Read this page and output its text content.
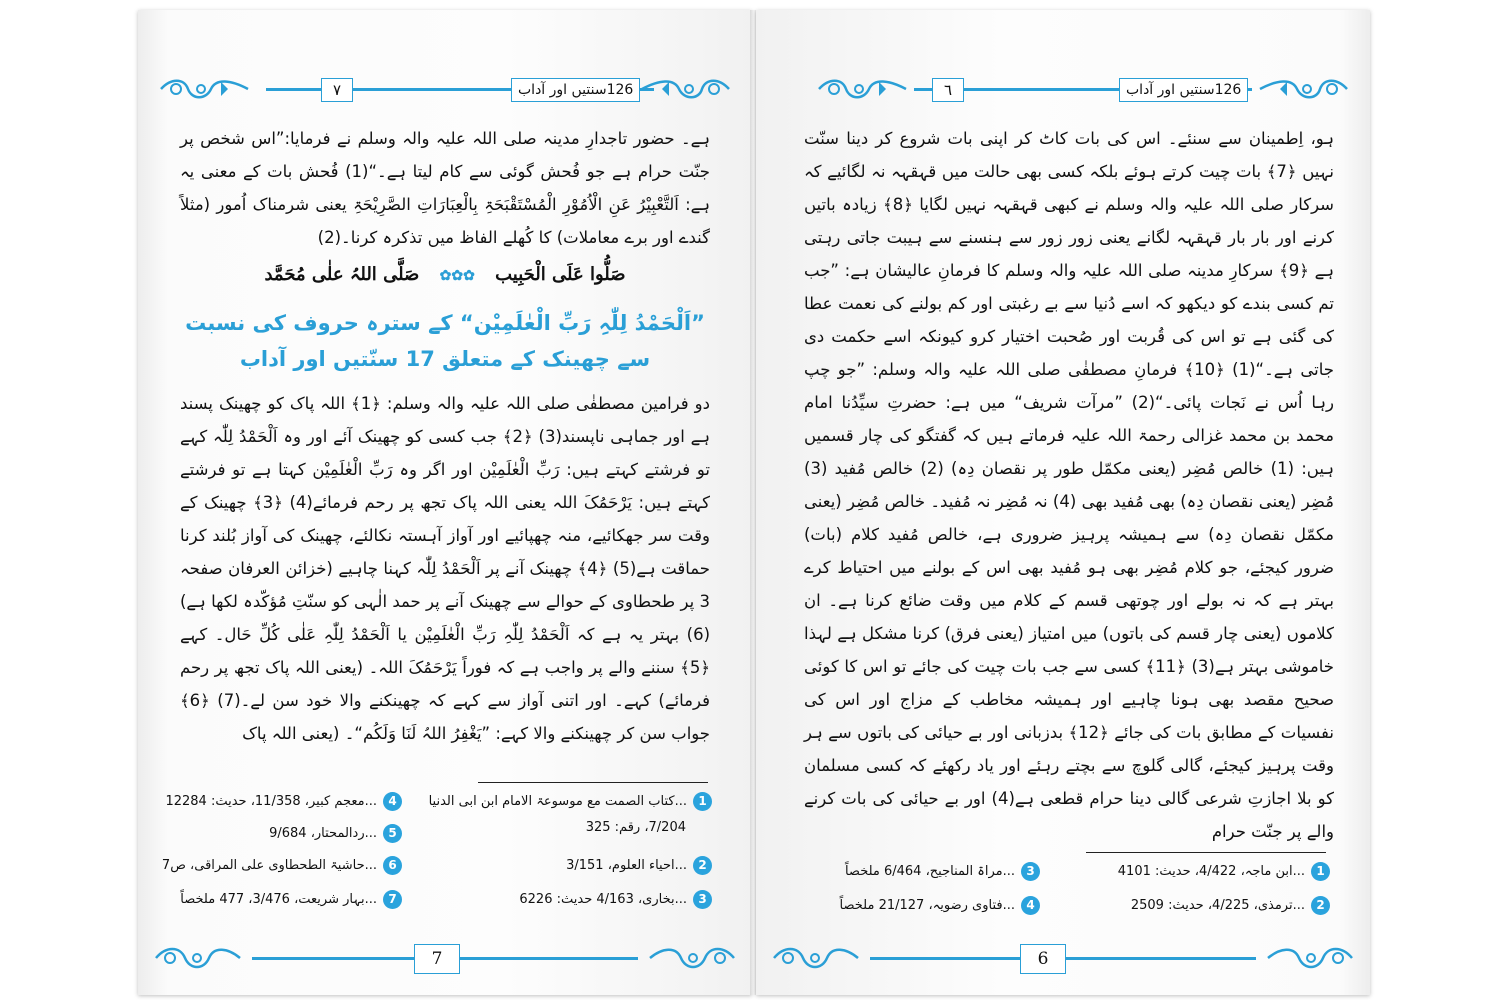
۷	126سنتیں اور آداب

ہے۔ حضور تاجدارِ مدینہ صلی اللہ علیہ والہ وسلم نے فرمایا:”اس شخص پر جنّت حرام ہے جو فُحش گوئی سے کام لیتا ہے۔“(1) فُحش بات کے معنی یہ ہے: اَلتَّعْبِیْرُ عَنِ الْاُمُوْرِ الْمُسْتَقْبَحَۃِ بِالْعِبَارَاتِ الصَّرِیْحَۃِ یعنی شرمناک اُمور (مثلاً گندے اور برے معاملات) کا کُھلے الفاظ میں تذکرہ کرنا۔(2)

صَلُّوا عَلَی الْحَبِیب ✿✿✿ صَلَّی اللہُ علٰی مُحَمَّد
”اَلْحَمْدُ لِلّٰہِ رَبِّ الْعٰلَمِیْن“ کے سترہ حروف کی نسبت
سے چھینک کے متعلق 17 سنّتیں اور آداب

دو فرامین مصطفٰی صلی اللہ علیہ والہ وسلم: ﴿1﴾ اللہ پاک کو چھینک پسند ہے اور جماہی ناپسند(3) ﴿2﴾ جب کسی کو چھینک آئے اور وہ اَلْحَمْدُ لِلّٰہ کہے تو فرشتے کہتے ہیں: رَبِّ الْعٰلَمِیْن اور اگر وہ رَبِّ الْعٰلَمِیْن کہتا ہے تو فرشتے کہتے ہیں: یَرْحَمُکَ اللہ یعنی اللہ پاک تجھ پر رحم فرمائے(4) ﴿3﴾ چھینک کے وقت سر جھکائیے، منہ چھپائیے اور آواز آہستہ نکالئے، چھینک کی آواز بُلند کرنا حماقت ہے(5) ﴿4﴾ چھینک آنے پر اَلْحَمْدُ لِلّٰہ کہنا چاہیے (خزائن العرفان صفحہ 3 پر طحطاوی کے حوالے سے چھینک آنے پر حمد الٰہی کو سنّتِ مُؤکّدہ لکھا ہے)(6) بہتر یہ ہے کہ اَلْحَمْدُ لِلّٰہِ رَبِّ الْعٰلَمِیْن یا اَلْحَمْدُ لِلّٰہِ عَلٰی کُلِّ حَال۔ کہے ﴿5﴾ سننے والے پر واجب ہے کہ فوراً یَرْحَمُکَ اللہ۔ (یعنی اللہ پاک تجھ پر رحم فرمائے) کہے۔ اور اتنی آواز سے کہے کہ چھینکنے والا خود سن لے۔(7) ﴿6﴾ جواب سن کر چھینکنے والا کہے: ”یَغْفِرُ اللہُ لَنَا وَلَکُم“۔ (یعنی اللہ پاک

1
...کتاب الصمت مع موسوعۃ الامام ابن ابی الدنیا
7/204، رقم: 325
2
...احیاء العلوم، 3/151
3
...بخاری، 4/163 حدیث: 6226
4
...معجم کبیر، 11/358، حدیث: 12284
5
...ردالمحتار، 9/684
6
...حاشیۃ الطحطاوی علی المراقی، ص7
7
...بہار شریعت، 3/476، 477 ملخصاً
7
٦	126سنتیں اور آداب

ہو، اِطمینان سے سنئے۔ اس کی بات کاٹ کر اپنی بات شروع کر دینا سنّت نہیں ﴿7﴾ بات چیت کرتے ہوئے بلکہ کسی بھی حالت میں قہقہہ نہ لگائیے کہ سرکار صلی اللہ علیہ والہ وسلم نے کبھی قہقہہ نہیں لگایا ﴿8﴾ زیادہ باتیں کرنے اور بار بار قہقہہ لگانے یعنی زور زور سے ہنسنے سے ہیبت جاتی رہتی ہے ﴿9﴾ سرکارِ مدینہ صلی اللہ علیہ والہ وسلم کا فرمانِ عالیشان ہے: ”جب تم کسی بندے کو دیکھو کہ اسے دُنیا سے بے رغبتی اور کم بولنے کی نعمت عطا کی گئی ہے تو اس کی قُربت اور صُحبت اختیار کرو کیونکہ اسے حکمت دی جاتی ہے۔“(1) ﴿10﴾ فرمانِ مصطفٰی صلی اللہ علیہ والہ وسلم: ”جو چپ رہا اُس نے نَجات پائی۔“(2) ”مرآت شریف“ میں ہے: حضرتِ سیِّدُنا امام محمد بن محمد غزالی رحمۃ اللہ علیہ فرماتے ہیں کہ گفتگو کی چار قسمیں ہیں: (1) خالص مُضِر (یعنی مکمّل طور پر نقصان دِہ) (2) خالص مُفید (3) مُضِر (یعنی نقصان دِہ) بھی مُفید بھی (4) نہ مُضِر نہ مُفید۔ خالص مُضِر (یعنی مکمّل نقصان دِہ) سے ہمیشہ پرہیز ضروری ہے، خالص مُفید کلام (بات) ضرور کیجئے، جو کلام مُضِر بھی ہو مُفید بھی اس کے بولنے میں احتیاط کرے بہتر ہے کہ نہ بولے اور چوتھی قسم کے کلام میں وقت ضائع کرنا ہے۔ ان کلاموں (یعنی چار قسم کی باتوں) میں امتیاز (یعنی فرق) کرنا مشکل ہے لہذا خاموشی بہتر ہے(3) ﴿11﴾ کسی سے جب بات چیت کی جائے تو اس کا کوئی صحیح مقصد بھی ہونا چاہیے اور ہمیشہ مخاطب کے مزاج اور اس کی نفسیات کے مطابق بات کی جائے ﴿12﴾ بدزبانی اور بے حیائی کی باتوں سے ہر وقت پرہیز کیجئے، گالی گلوچ سے بچتے رہئے اور یاد رکھئے کہ کسی مسلمان کو بلا اجازتِ شرعی گالی دینا حرام قطعی ہے(4) اور بے حیائی کی بات کرنے والے پر جنّت حرام

1
...ابن ماجہ، 4/422، حدیث: 4101
2
...ترمذی، 4/225، حدیث: 2509
3
...مراۃ المناجیح، 6/464 ملخصاً
4
...فتاوی رضویہ، 21/127 ملخصاً
6
